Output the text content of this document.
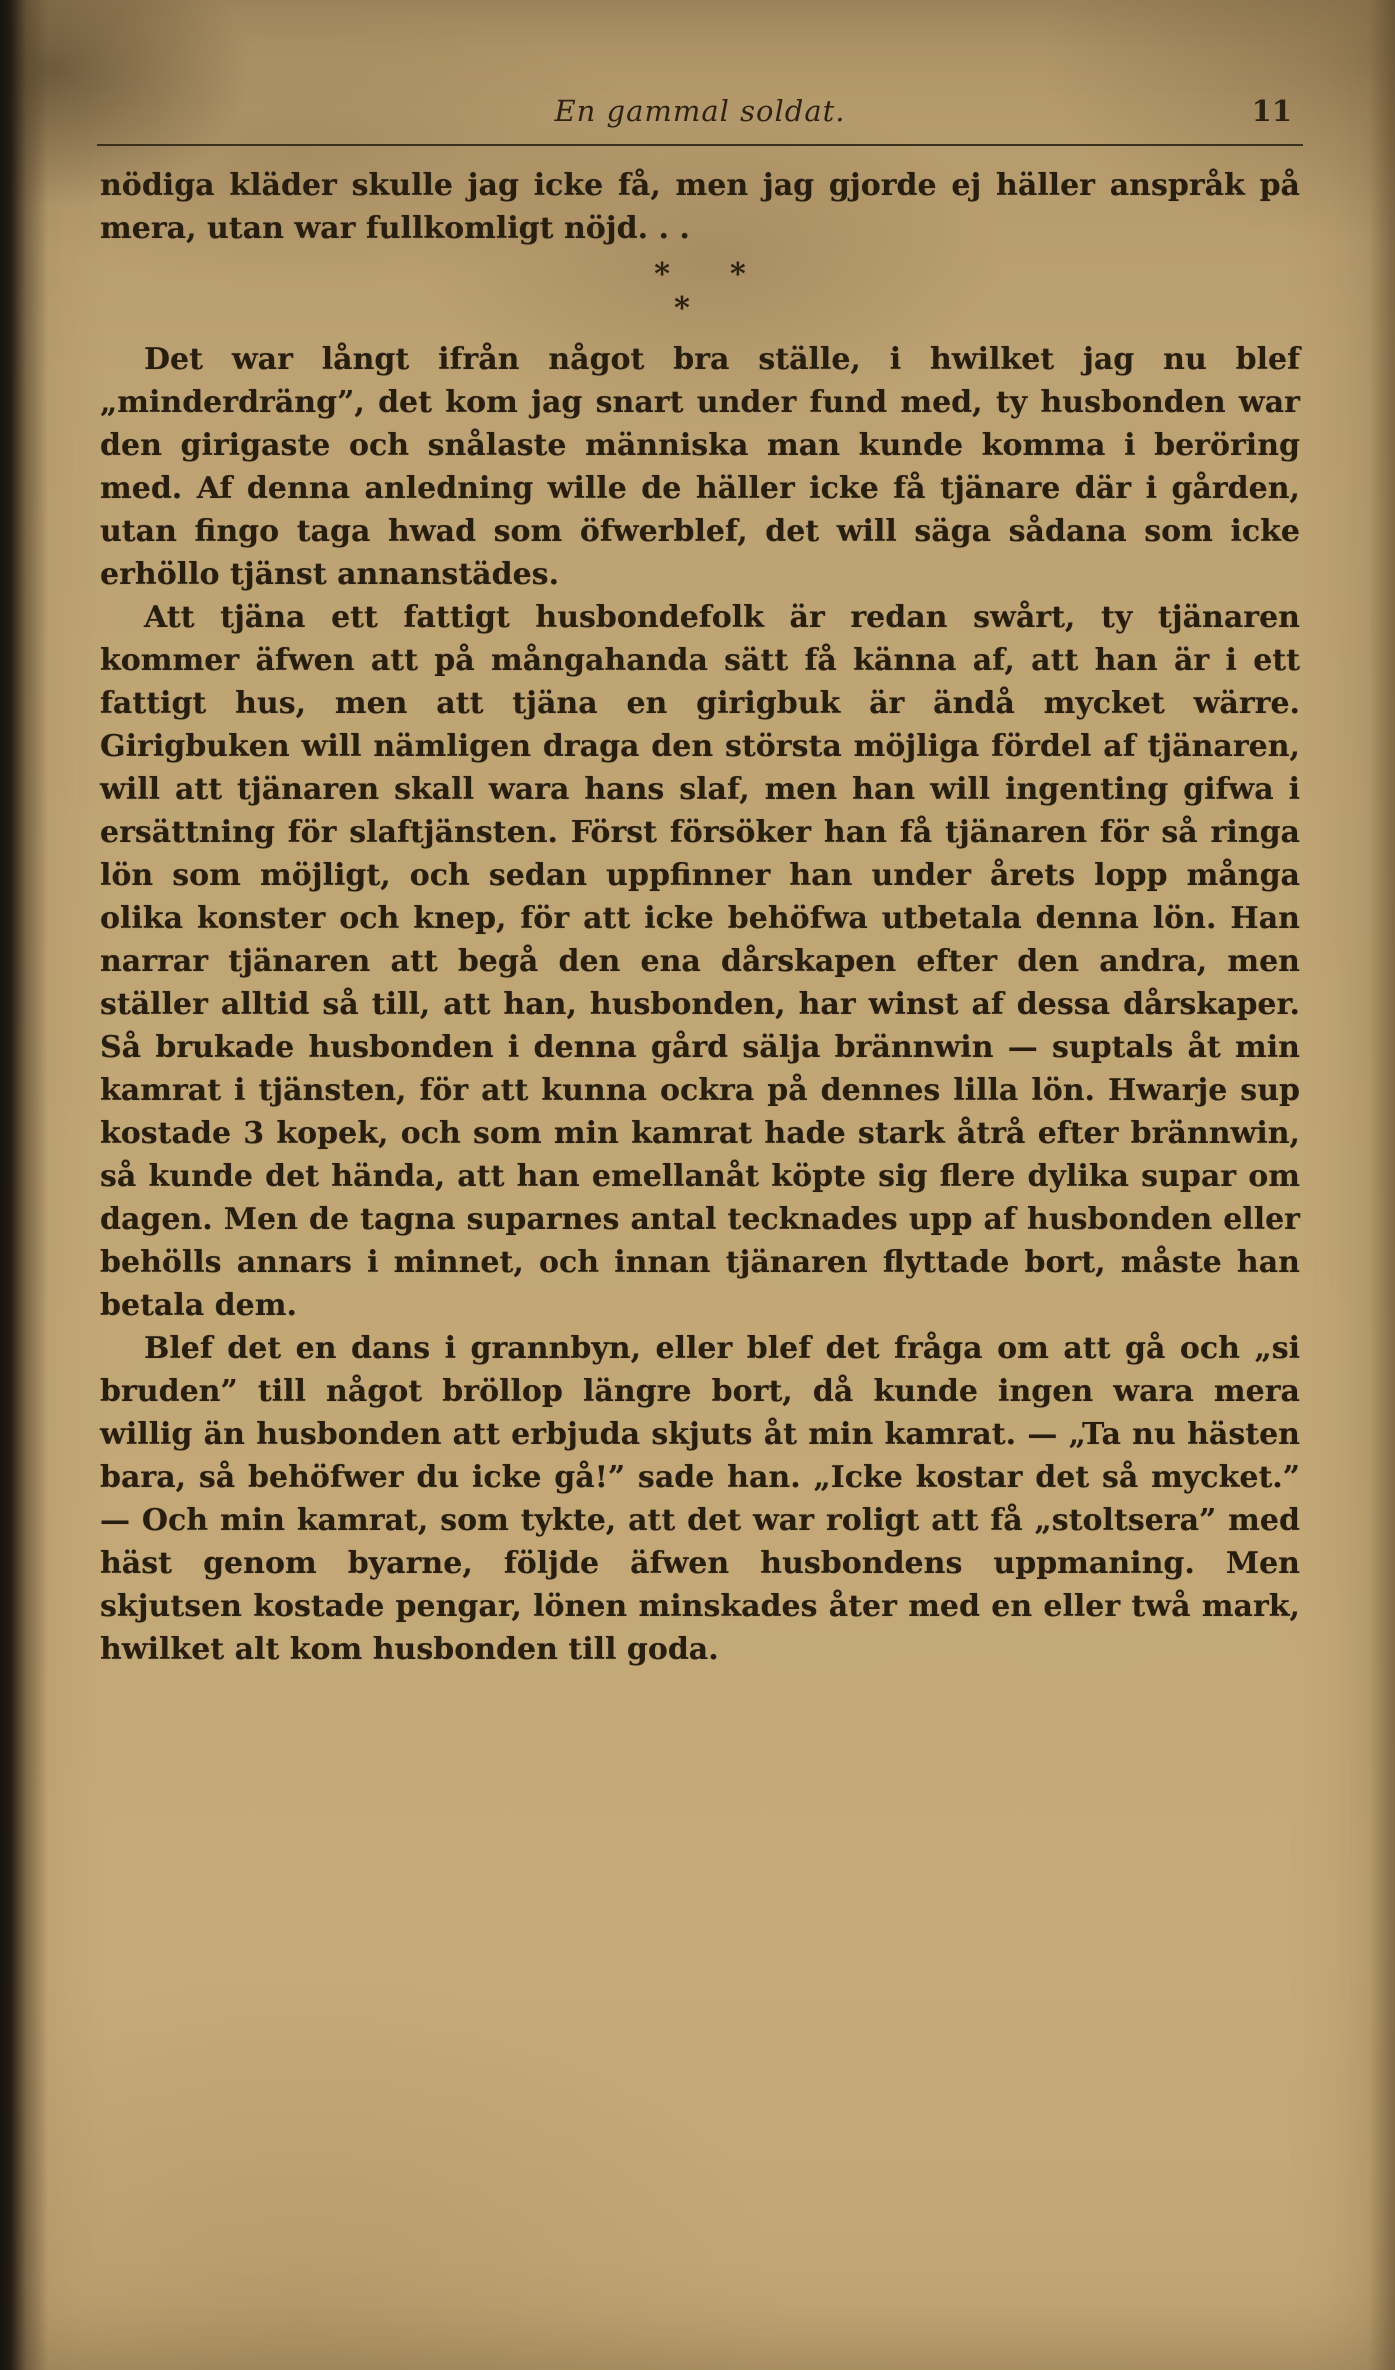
En gammal soldat.	11

nödiga kläder skulle jag icke få, men jag gjorde ej häller anspråk på mera, utan war fullkomligt nöjd. . .

*  *
*

Det war långt ifrån något bra ställe, i hwilket jag nu blef „minderdräng”, det kom jag snart under fund med, ty husbonden war den girigaste och snålaste människa man kunde komma i beröring med. Af denna anledning wille de häller icke få tjänare där i gården, utan fingo taga hwad som öfwerblef, det will säga sådana som icke erhöllo tjänst annanstädes.

Att tjäna ett fattigt husbondefolk är redan swårt, ty tjänaren kommer äfwen att på mångahanda sätt få känna af, att han är i ett fattigt hus, men att tjäna en girigbuk är ändå mycket wärre. Girigbuken will nämligen draga den största möjliga fördel af tjänaren, will att tjänaren skall wara hans slaf, men han will ingenting gifwa i ersättning för slaftjänsten. Först försöker han få tjänaren för så ringa lön som möjligt, och sedan uppfinner han under årets lopp många olika konster och knep, för att icke behöfwa utbetala denna lön. Han narrar tjänaren att begå den ena dårskapen efter den andra, men ställer alltid så till, att han, husbonden, har winst af dessa dårskaper. Så brukade husbonden i denna gård sälja brännwin — suptals åt min kamrat i tjänsten, för att kunna ockra på dennes lilla lön. Hwarje sup kostade 3 kopek, och som min kamrat hade stark åtrå efter brännwin, så kunde det hända, att han emellanåt köpte sig flere dylika supar om dagen. Men de tagna suparnes antal tecknades upp af husbonden eller behölls annars i minnet, och innan tjänaren flyttade bort, måste han betala dem.

Blef det en dans i grannbyn, eller blef det fråga om att gå och „si bruden” till något bröllop längre bort, då kunde ingen wara mera willig än husbonden att erbjuda skjuts åt min kamrat. — „Ta nu hästen bara, så behöfwer du icke gå!” sade han. „Icke kostar det så mycket.” — Och min kamrat, som tykte, att det war roligt att få „stoltsera” med häst genom byarne, följde äfwen husbondens uppmaning. Men skjutsen kostade pengar, lönen minskades åter med en eller twå mark, hwilket alt kom husbonden till goda.
